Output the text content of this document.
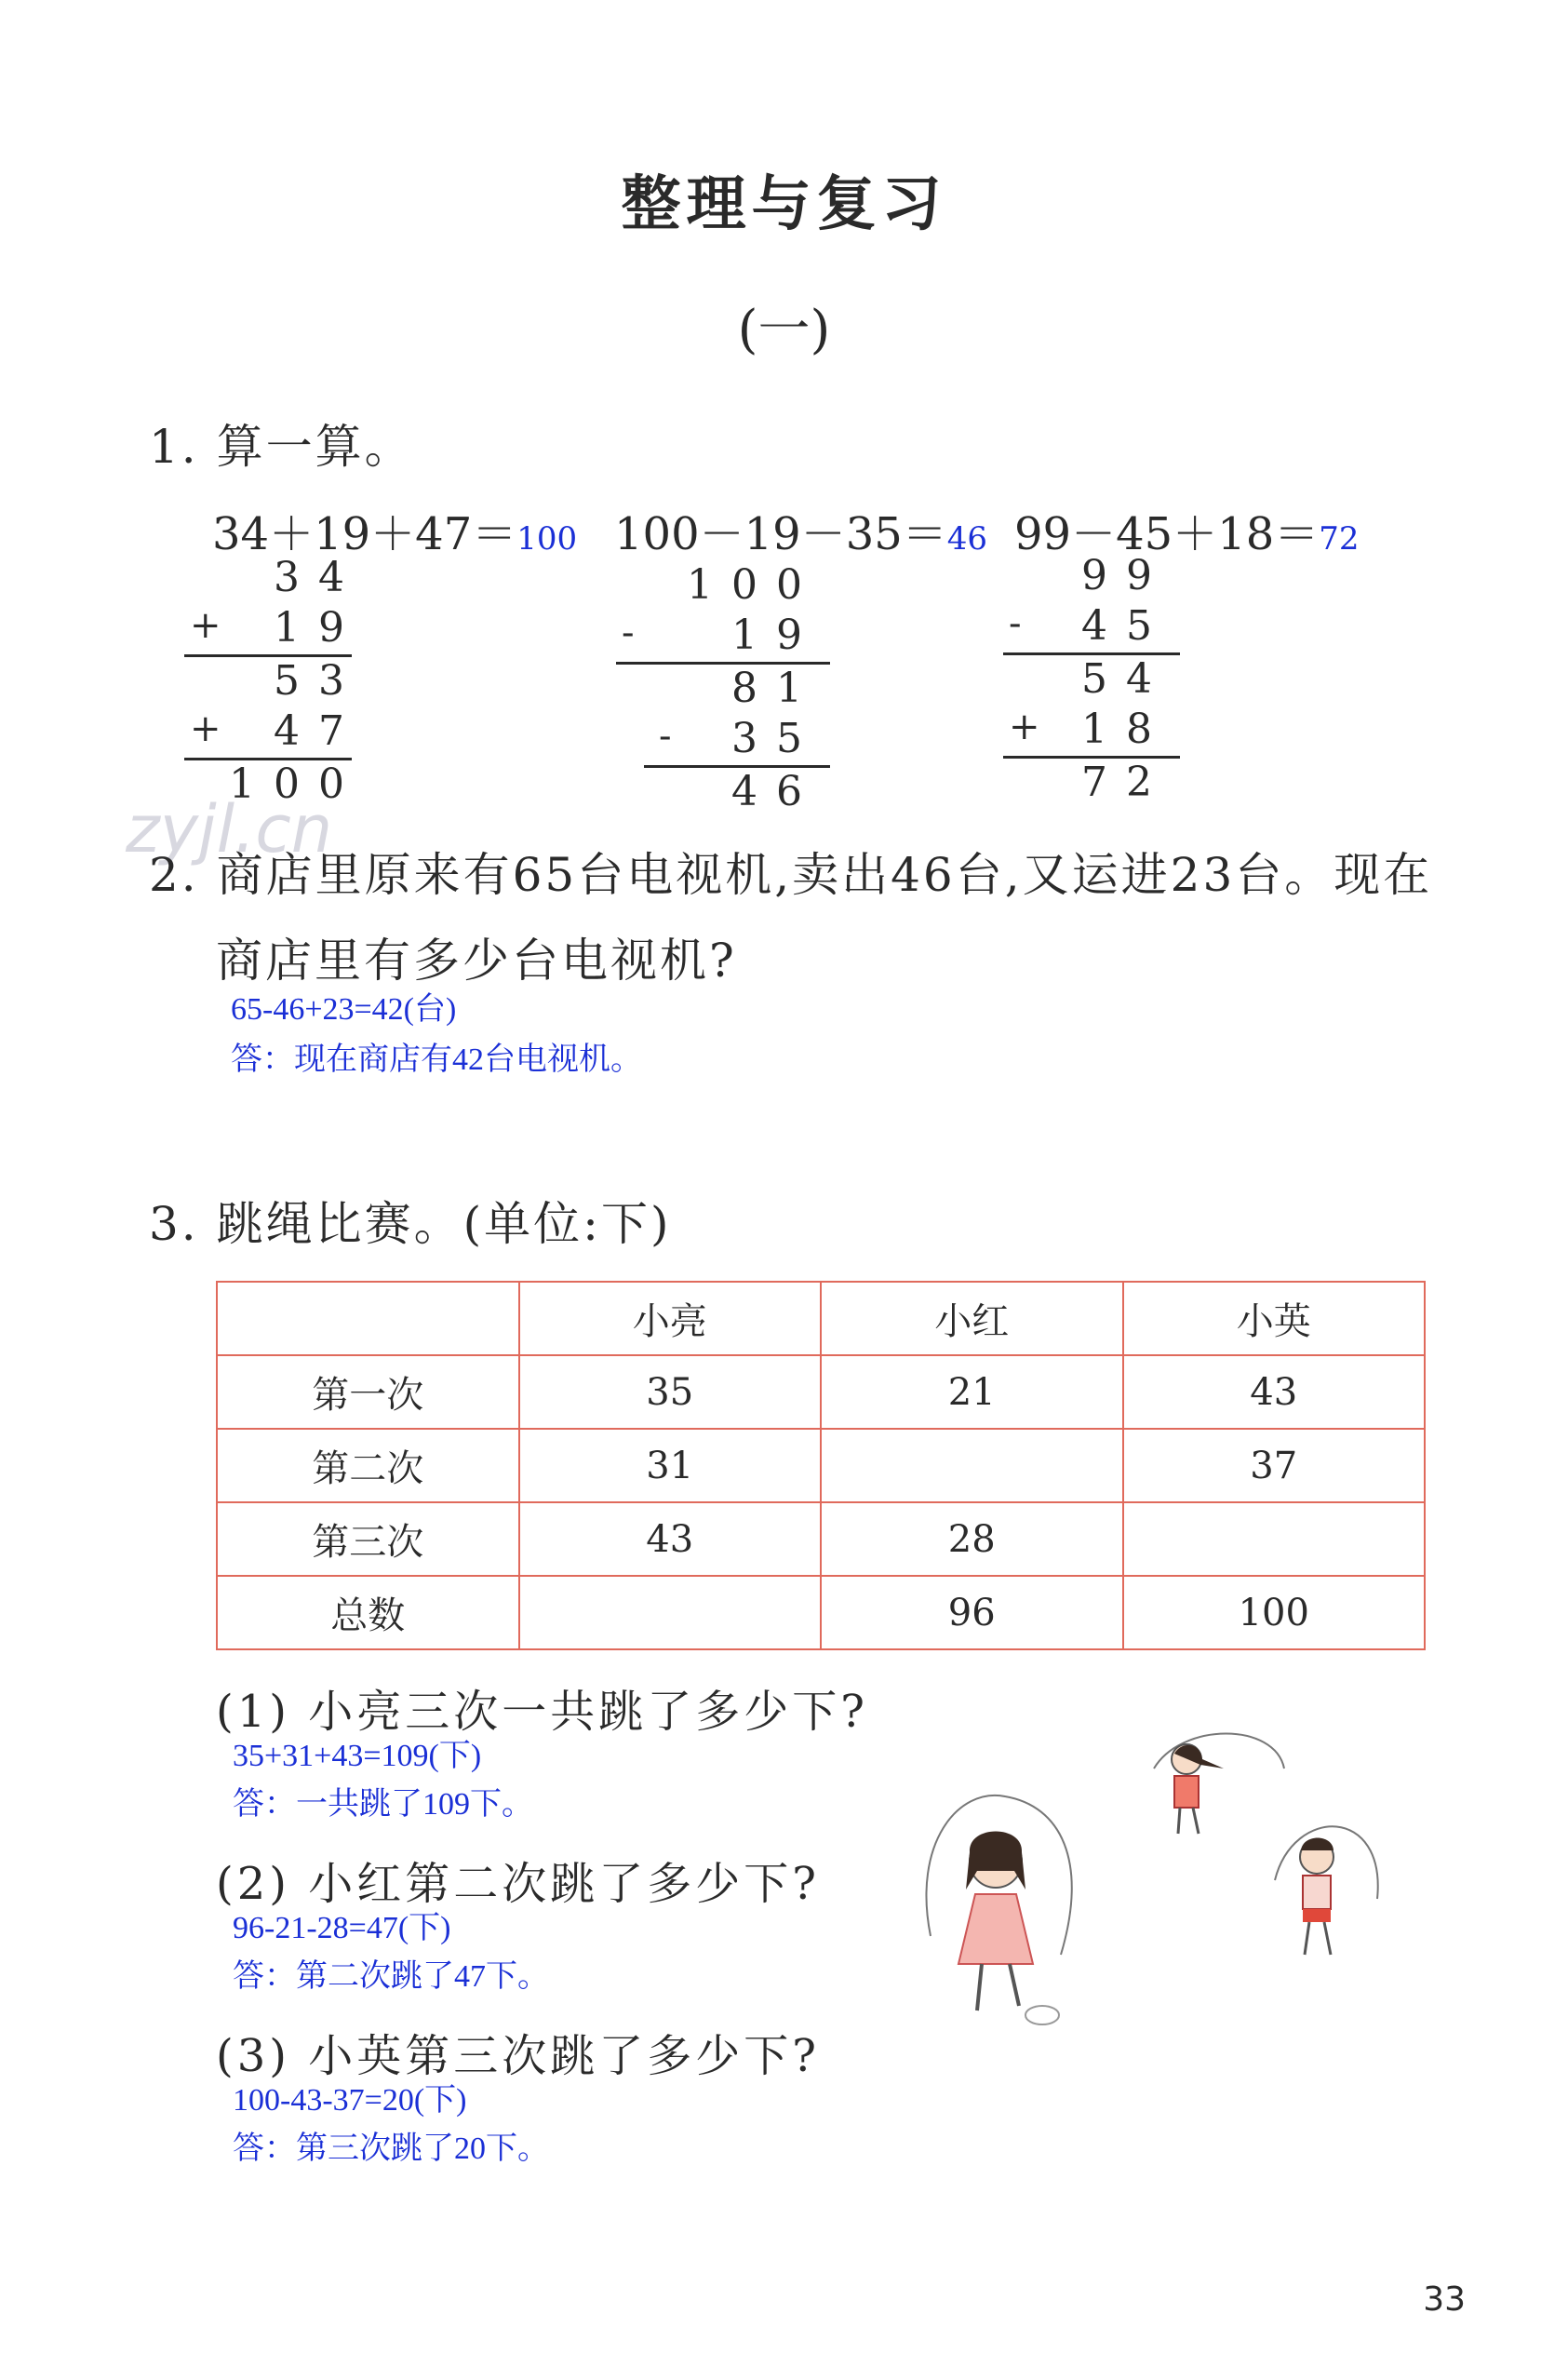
整理与复习
(一)
zyjl.cn
1. 算一算。
34＋19＋47＝100 100－19－35＝46 99－45＋18＝72
34
+ 19
53
+ 47
100
100
- 19
81
- 35
46
99
- 45
54
+ 18
72
2. 商店里原来有65台电视机,卖出46台,又运进23台。现在
商店里有多少台电视机?
65-46+23=42(台)
答：现在商店有42台电视机。
3. 跳绳比赛。(单位:下)
	小亮	小红	小英
第一次	35	21	43
第二次	31		37
第三次	43	28	
总数		96	100
(1) 小亮三次一共跳了多少下?
35+31+43=109(下)
答：一共跳了109下。
(2) 小红第二次跳了多少下?
96-21-28=47(下)
答：第二次跳了47下。
(3) 小英第三次跳了多少下?
100-43-37=20(下)
答：第三次跳了20下。
33
